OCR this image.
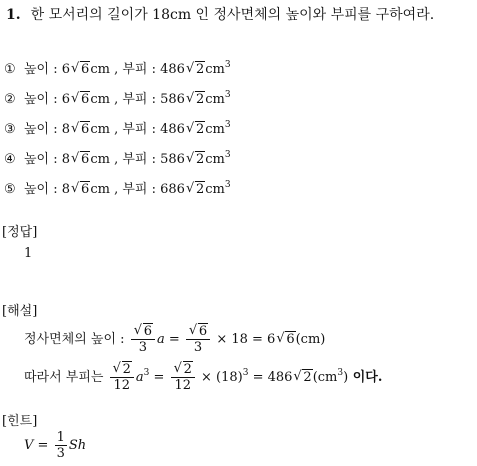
1. 한 모서리의 길이가 18cm 인 정사면체의 높이와 부피를 구하여라.
① 높이 : 6√ 6cm , 부피 : 486√ $2cm^3$
② 높이 : 6√ 6cm , 부피 : 586√ $2cm^3$
③ 높이 : 8√ 6cm , 부피 : 486√ $2cm^3$
④ 높이 : 8√ 6cm , 부피 : 586√ $2cm^3$
⑤ 높이 : 8√ 6cm , 부피 : 686√ $2cm^3$
[정답]
1
[해설]
정사면체의 높이 :
√ $\frac{6}{3}$ a =
√ $\frac{6}{3} \times 18 = 6√$ 6(cm)
따라서 부피는
√ $\frac{2}{12} a^3$ =
√ $\frac{2}{12} \times (18)^3 = 486√$ $2(cm^3)$ 이다.
[힌트]
$V = \frac{1}{3}$ Sh
